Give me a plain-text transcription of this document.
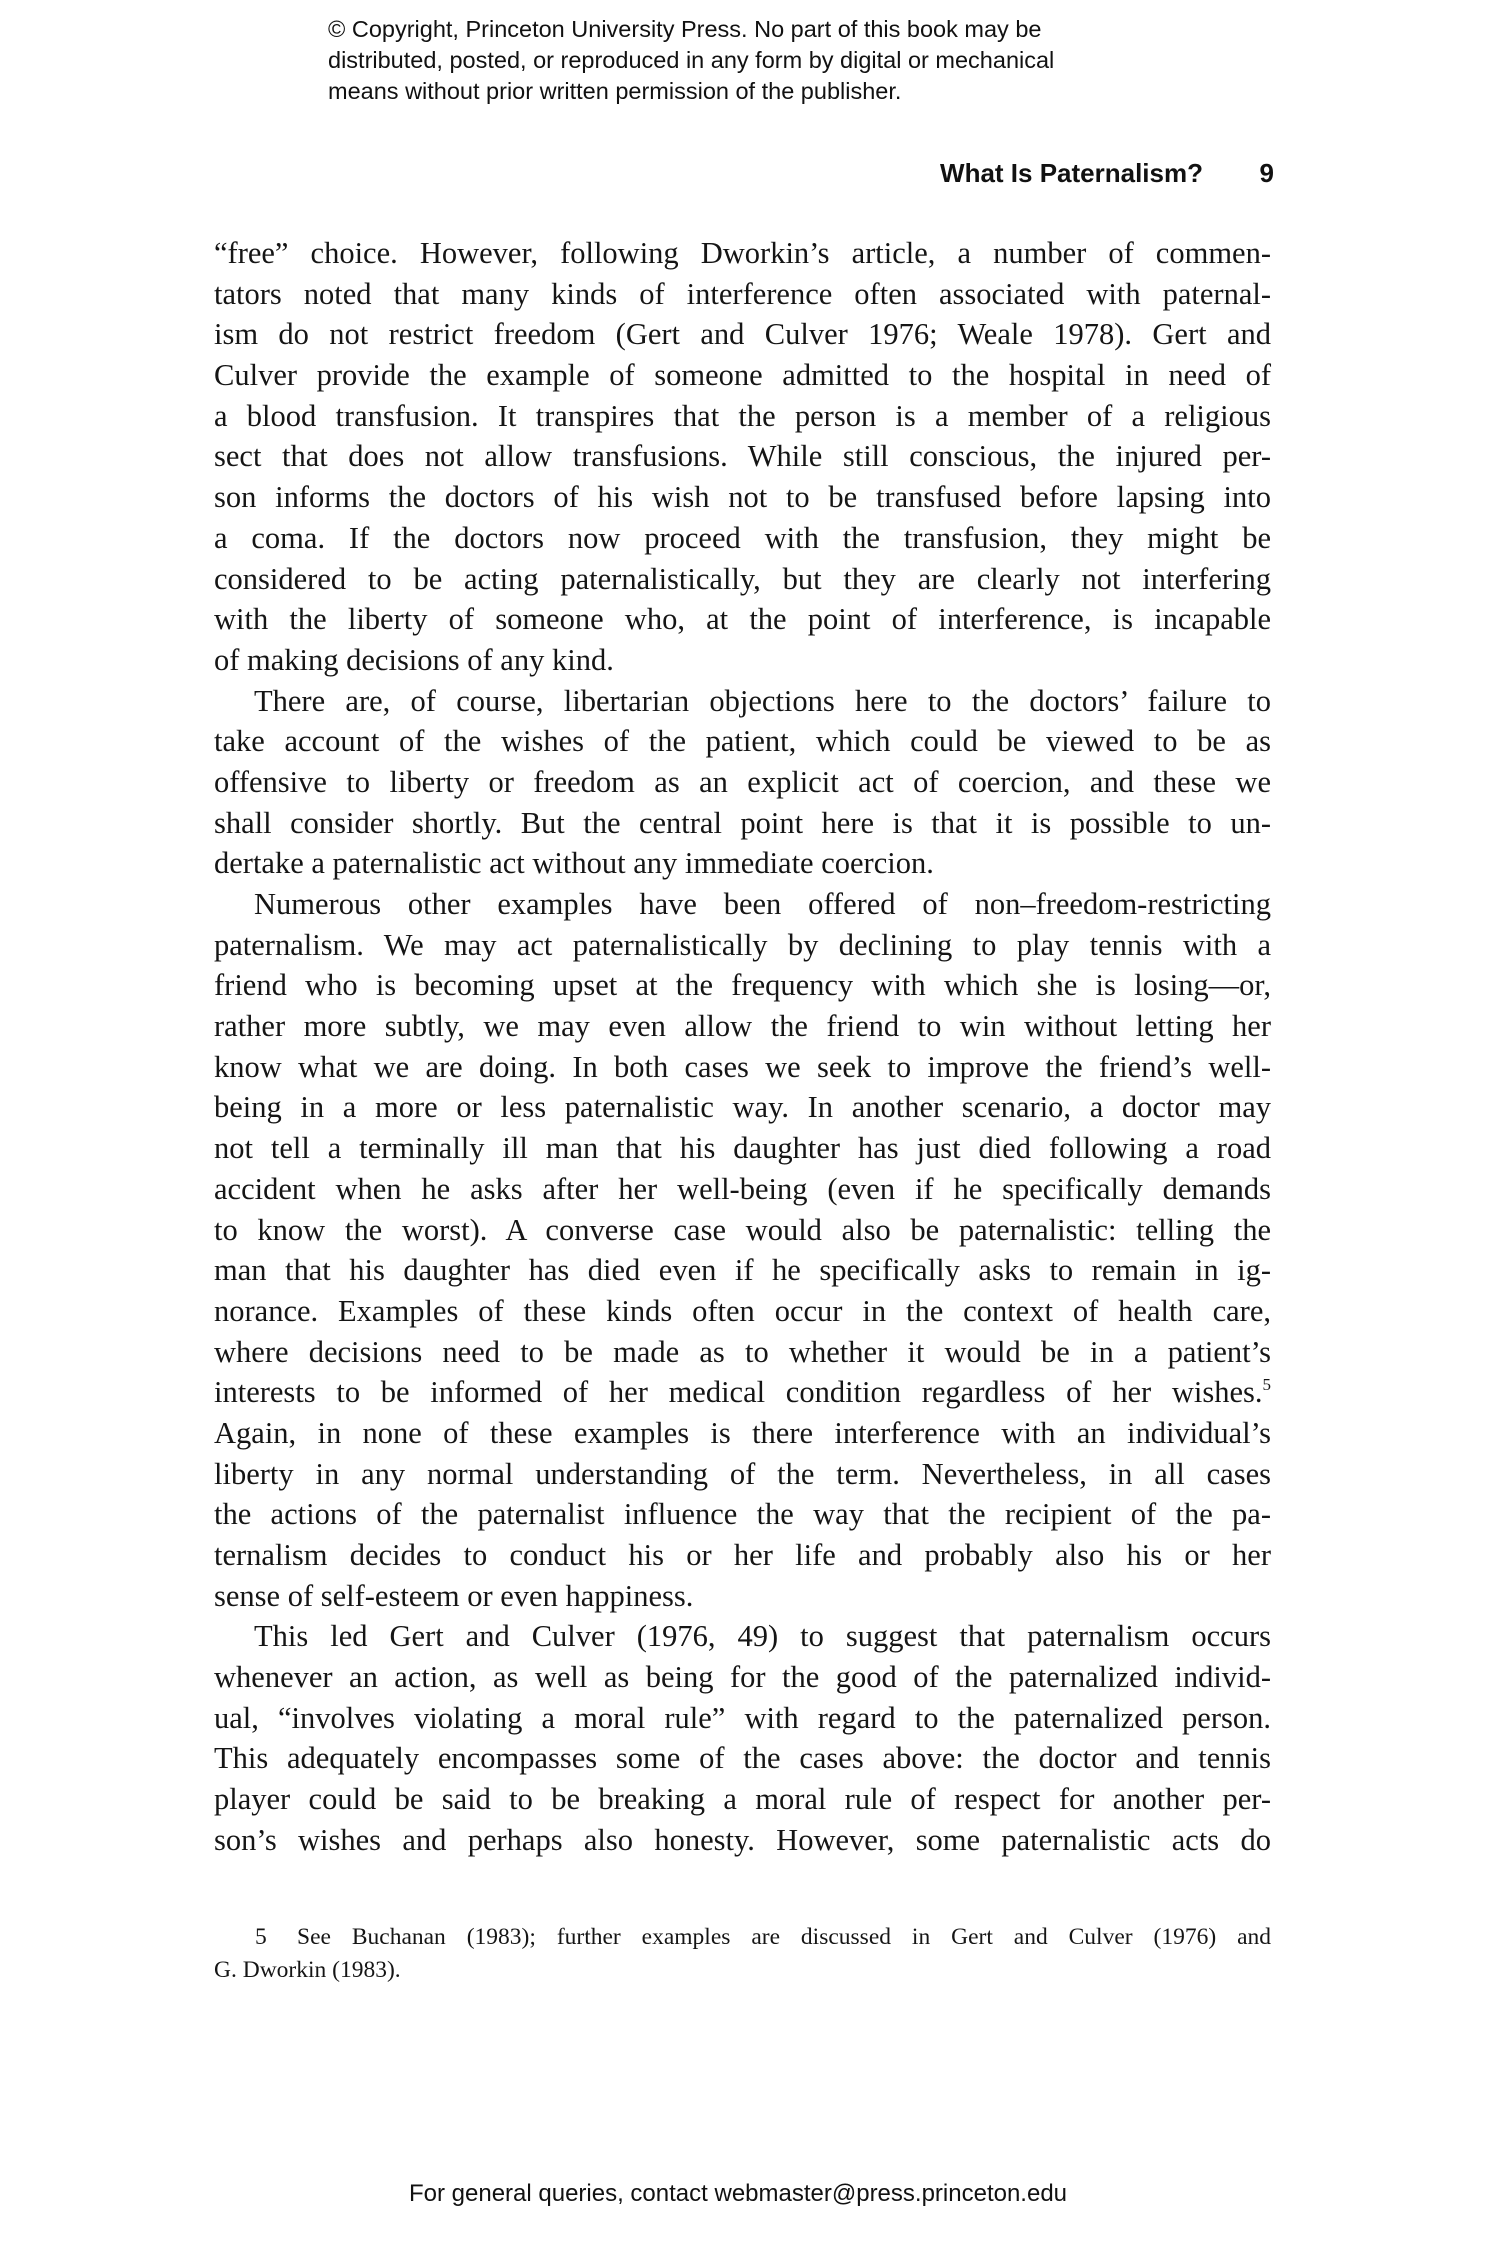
© Copyright, Princeton University Press. No part of this book may be
distributed, posted, or reproduced in any form by digital or mechanical
means without prior written permission of the publisher.
What Is Paternalism? 9
“free” choice. However, following Dworkin’s article, a number of commen-
tators noted that many kinds of interference often associated with paternal-
ism do not restrict freedom (Gert and Culver 1976; Weale 1978). Gert and
Culver provide the example of someone admitted to the hospital in need of
a blood transfusion. It transpires that the person is a member of a religious
sect that does not allow transfusions. While still conscious, the injured per-
son informs the doctors of his wish not to be transfused before lapsing into
a coma. If the doctors now proceed with the transfusion, they might be
considered to be acting paternalistically, but they are clearly not interfering
with the liberty of someone who, at the point of interference, is incapable
of making decisions of any kind.
There are, of course, libertarian objections here to the doctors’ failure to
take account of the wishes of the patient, which could be viewed to be as
offensive to liberty or freedom as an explicit act of coercion, and these we
shall consider shortly. But the central point here is that it is possible to un-
dertake a paternalistic act without any immediate coercion.
Numerous other examples have been offered of non–freedom-restricting
paternalism. We may act paternalistically by declining to play tennis with a
friend who is becoming upset at the frequency with which she is losing—or,
rather more subtly, we may even allow the friend to win without letting her
know what we are doing. In both cases we seek to improve the friend’s well-
being in a more or less paternalistic way. In another scenario, a doctor may
not tell a terminally ill man that his daughter has just died following a road
accident when he asks after her well-being (even if he specifically demands
to know the worst). A converse case would also be paternalistic: telling the
man that his daughter has died even if he specifically asks to remain in ig-
norance. Examples of these kinds often occur in the context of health care,
where decisions need to be made as to whether it would be in a patient’s
interests to be informed of her medical condition regardless of her wishes.$^5$
Again, in none of these examples is there interference with an individual’s
liberty in any normal understanding of the term. Nevertheless, in all cases
the actions of the paternalist influence the way that the recipient of the pa-
ternalism decides to conduct his or her life and probably also his or her
sense of self-esteem or even happiness.
This led Gert and Culver (1976, 49) to suggest that paternalism occurs
whenever an action, as well as being for the good of the paternalized individ-
ual, “involves violating a moral rule” with regard to the paternalized person.
This adequately encompasses some of the cases above: the doctor and tennis
player could be said to be breaking a moral rule of respect for another per-
son’s wishes and perhaps also honesty. However, some paternalistic acts do
5 See Buchanan (1983); further examples are discussed in Gert and Culver (1976) and
G. Dworkin (1983).
For general queries, contact webmaster@press.princeton.edu
